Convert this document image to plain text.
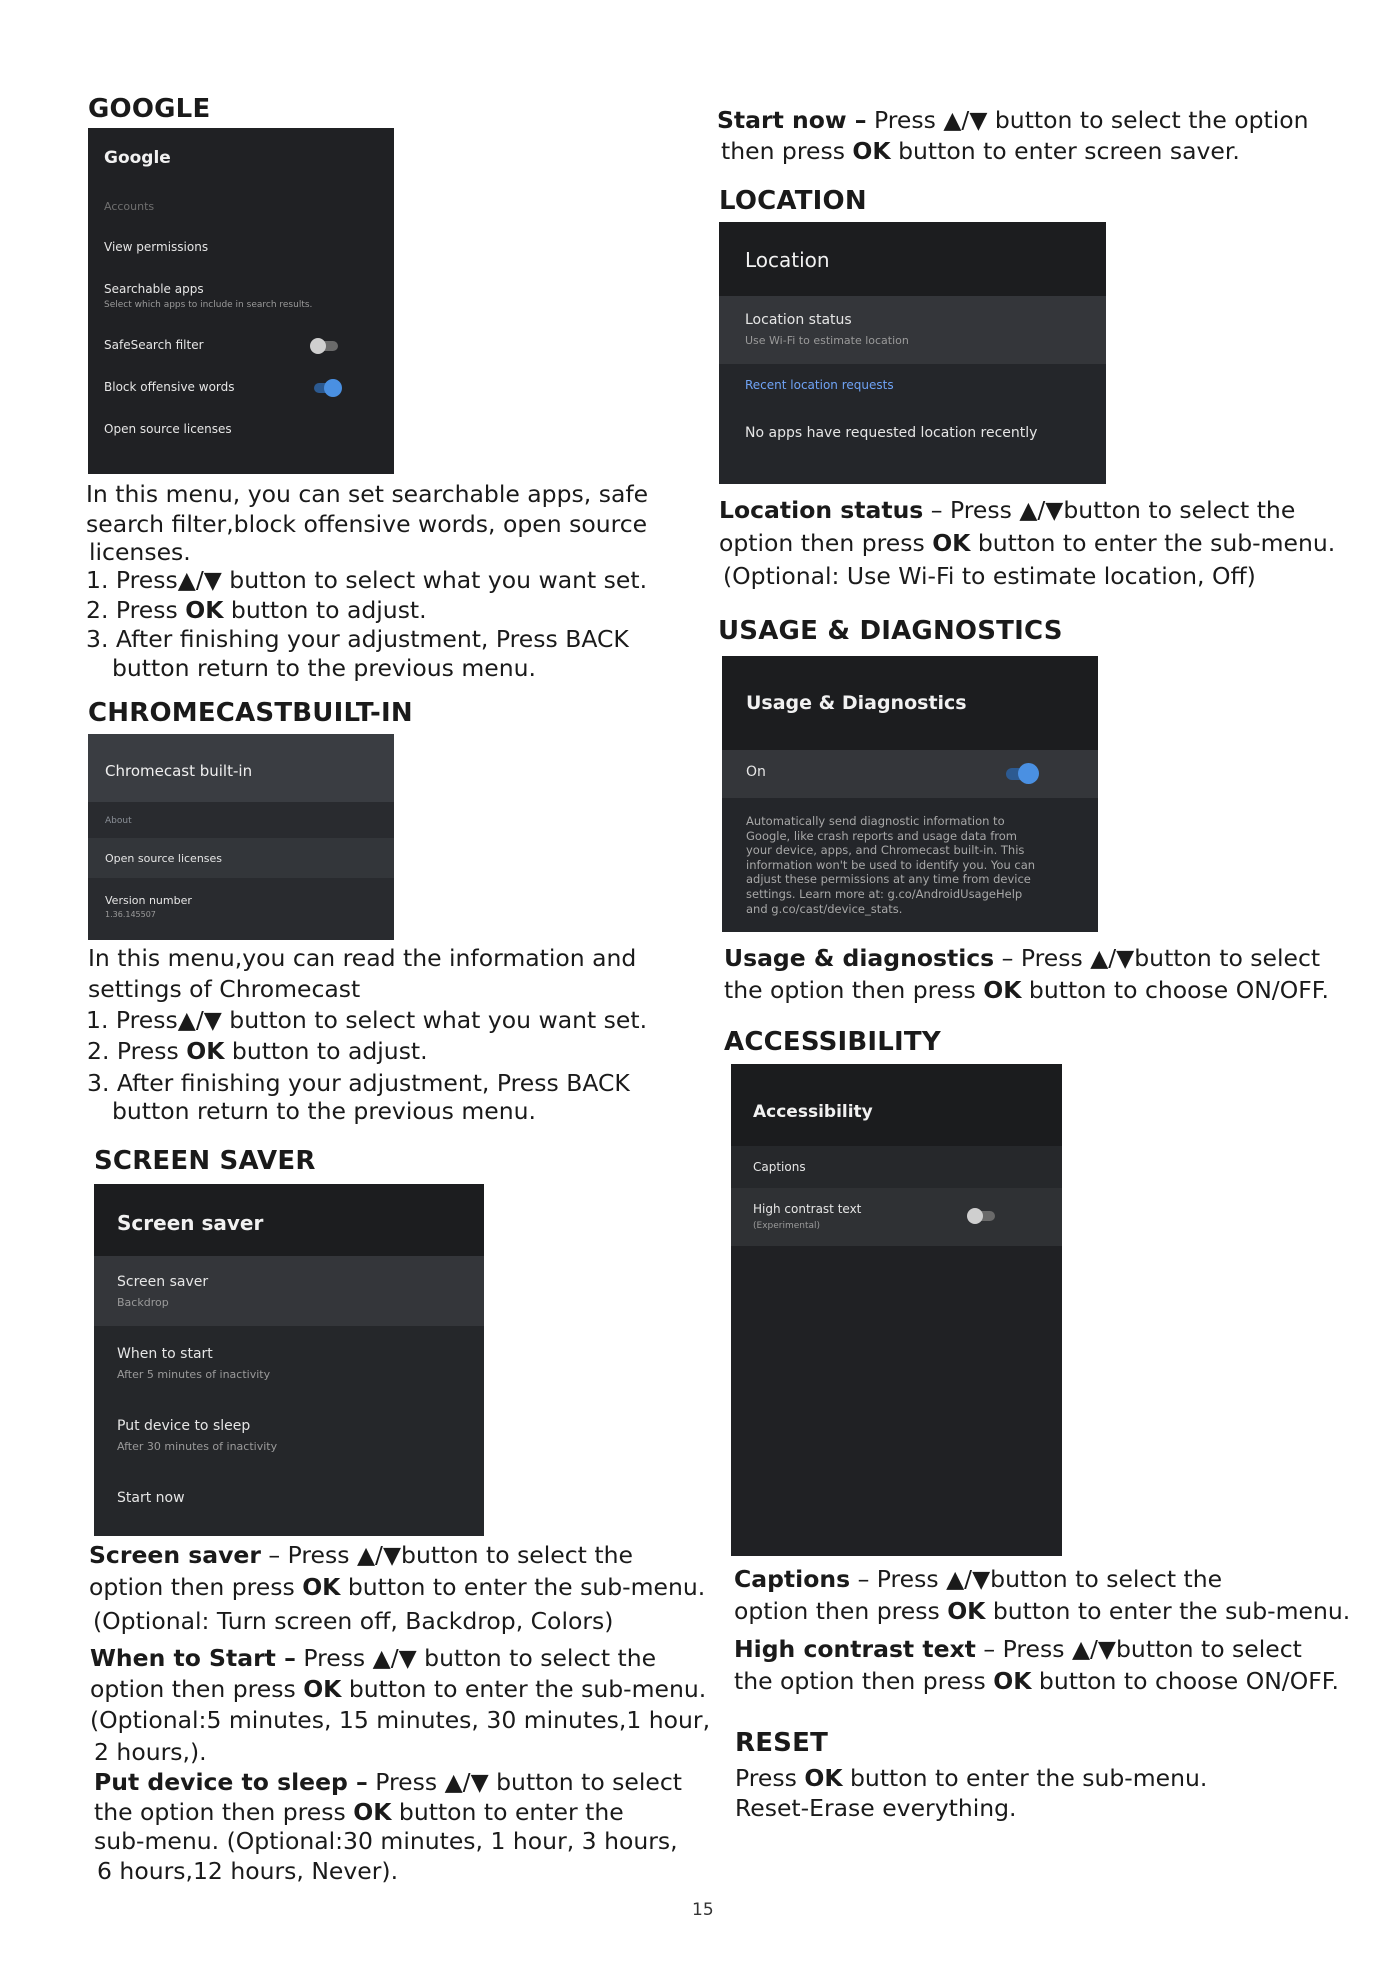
GOOGLE
Google
Accounts
View permissions
Searchable apps
Select which apps to include in search results.
SafeSearch filter
Block offensive words
Open source licenses
In this menu, you can set searchable apps, safe
search filter,block offensive words, open source
licenses.
1. Press▲/▼ button to select what you want set.
2. Press OK button to adjust.
3. After finishing your adjustment, Press BACK
button return to the previous menu.
CHROMECASTBUILT-IN
Chromecast built-in
About
Open source licenses
Version number
1.36.145507
In this menu,you can read the information and
settings of Chromecast
1. Press▲/▼ button to select what you want set.
2. Press OK button to adjust.
3. After finishing your adjustment, Press BACK
button return to the previous menu.
SCREEN SAVER
Screen saver
Screen saver
Backdrop
When to start
After 5 minutes of inactivity
Put device to sleep
After 30 minutes of inactivity
Start now
Screen saver – Press ▲/▼button to select the
option then press OK button to enter the sub-menu.
(Optional: Turn screen off, Backdrop, Colors)
When to Start – Press ▲/▼ button to select the
option then press OK button to enter the sub-menu.
(Optional:5 minutes, 15 minutes, 30 minutes,1 hour,
2 hours,).
Put device to sleep – Press ▲/▼ button to select
the option then press OK button to enter the
sub-menu. (Optional:30 minutes, 1 hour, 3 hours,
6 hours,12 hours, Never).
Start now – Press ▲/▼ button to select the option
then press OK button to enter screen saver.
LOCATION
Location
Location status
Use Wi-Fi to estimate location
Recent location requests
No apps have requested location recently
Location status – Press ▲/▼button to select the
option then press OK button to enter the sub-menu.
(Optional: Use Wi-Fi to estimate location, Off)
USAGE & DIAGNOSTICS
Usage & Diagnostics
On
Automatically send diagnostic information to
Google, like crash reports and usage data from
your device, apps, and Chromecast built-in. This
information won't be used to identify you. You can
adjust these permissions at any time from device
settings. Learn more at: g.co/AndroidUsageHelp
and g.co/cast/device_stats.
Usage & diagnostics – Press ▲/▼button to select
the option then press OK button to choose ON/OFF.
ACCESSIBILITY
Accessibility
Captions
High contrast text
(Experimental)
Captions – Press ▲/▼button to select the
option then press OK button to enter the sub-menu.
High contrast text – Press ▲/▼button to select
the option then press OK button to choose ON/OFF.
RESET
Press OK button to enter the sub-menu.
Reset-Erase everything.
15
